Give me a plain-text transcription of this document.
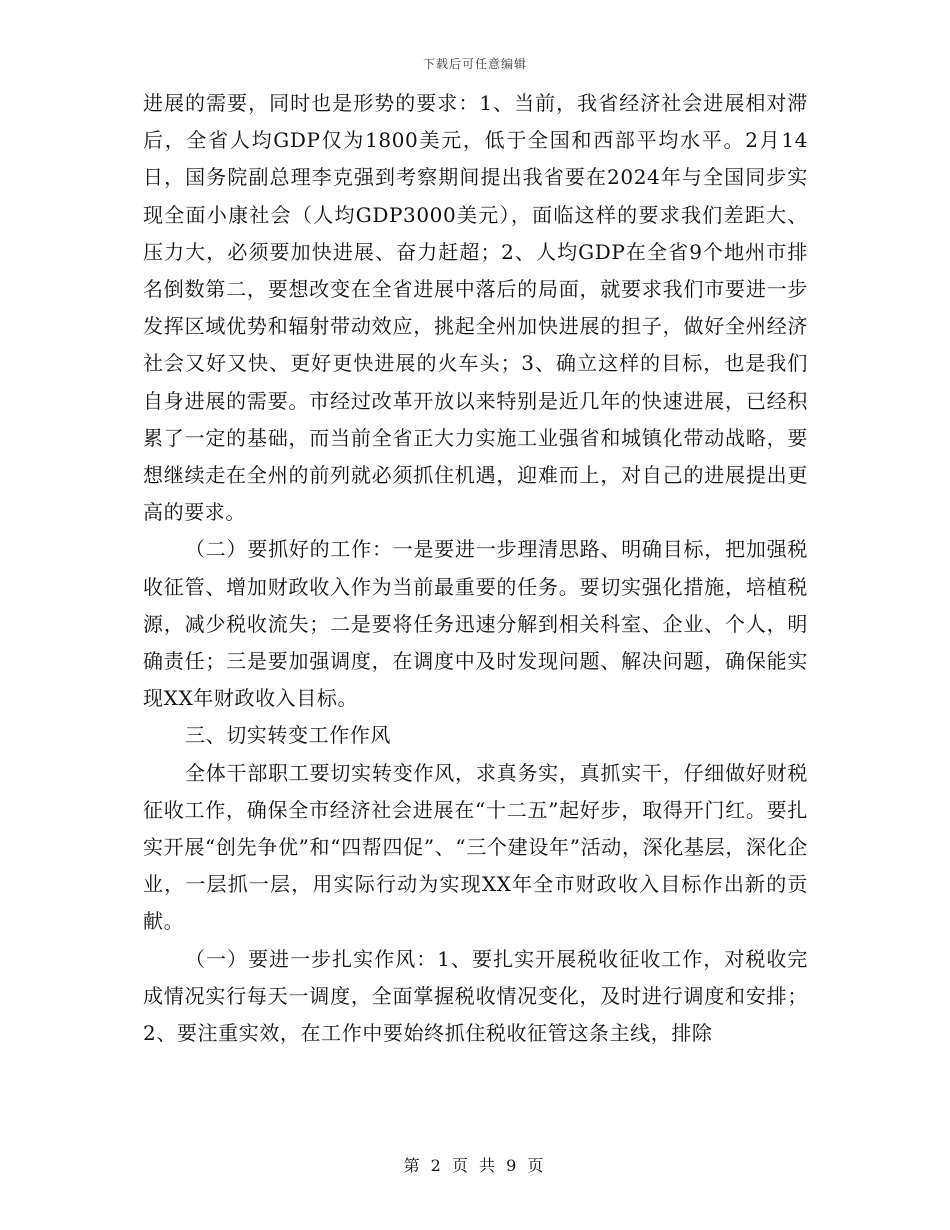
下载后可任意编辑

进展的需要，同时也是形势的要求：1、当前，我省经济社会进展相对滞后，全省人均GDP仅为1800美元，低于全国和西部平均水平。2月14日，国务院副总理李克强到考察期间提出我省要在2024年与全国同步实现全面小康社会（人均GDP3000美元），面临这样的要求我们差距大、压力大，必须要加快进展、奋力赶超；2、人均GDP在全省9个地州市排名倒数第二，要想改变在全省进展中落后的局面，就要求我们市要进一步发挥区域优势和辐射带动效应，挑起全州加快进展的担子，做好全州经济社会又好又快、更好更快进展的火车头；3、确立这样的目标，也是我们自身进展的需要。市经过改革开放以来特别是近几年的快速进展，已经积累了一定的基础，而当前全省正大力实施工业强省和城镇化带动战略，要想继续走在全州的前列就必须抓住机遇，迎难而上，对自己的进展提出更高的要求。

（二）要抓好的工作：一是要进一步理清思路、明确目标，把加强税收征管、增加财政收入作为当前最重要的任务。要切实强化措施，培植税源，减少税收流失；二是要将任务迅速分解到相关科室、企业、个人，明确责任；三是要加强调度，在调度中及时发现问题、解决问题，确保能实现XX年财政收入目标。

三、切实转变工作作风

全体干部职工要切实转变作风，求真务实，真抓实干，仔细做好财税征收工作，确保全市经济社会进展在“十二五”起好步，取得开门红。要扎实开展“创先争优”和“四帮四促”、“三个建设年”活动，深化基层，深化企业，一层抓一层，用实际行动为实现XX年全市财政收入目标作出新的贡献。

（一）要进一步扎实作风：1、要扎实开展税收征收工作，对税收完成情况实行每天一调度，全面掌握税收情况变化，及时进行调度和安排；2、要注重实效，在工作中要始终抓住税收征管这条主线，排除

第 2 页 共 9 页
